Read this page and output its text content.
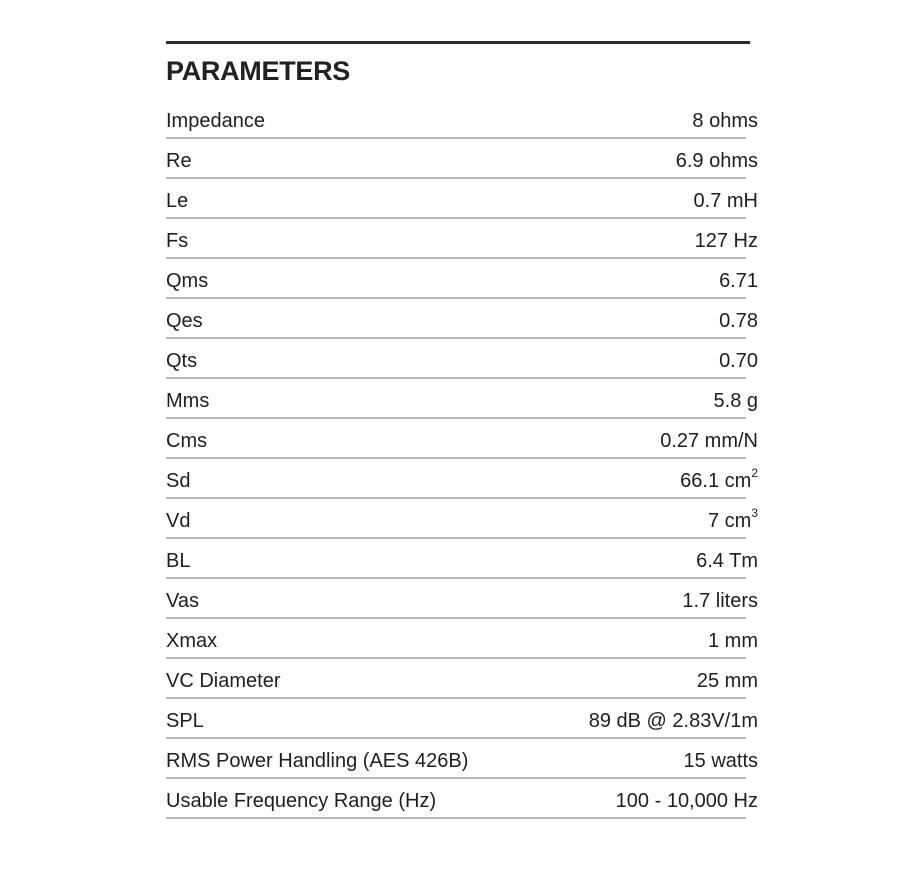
PARAMETERS
Impedance	8 ohms
Re	6.9 ohms
Le	0.7 mH
Fs	127 Hz
Qms	6.71
Qes	0.78
Qts	0.70
Mms	5.8 g
Cms	0.27 mm/N
Sd	66.1 $cm^2$
Vd	7 $cm^3$
BL	6.4 Tm
Vas	1.7 liters
Xmax	1 mm
VC Diameter	25 mm
SPL	89 dB @ 2.83V/1m
RMS Power Handling (AES 426B)	15 watts
Usable Frequency Range (Hz)	100 - 10,000 Hz
